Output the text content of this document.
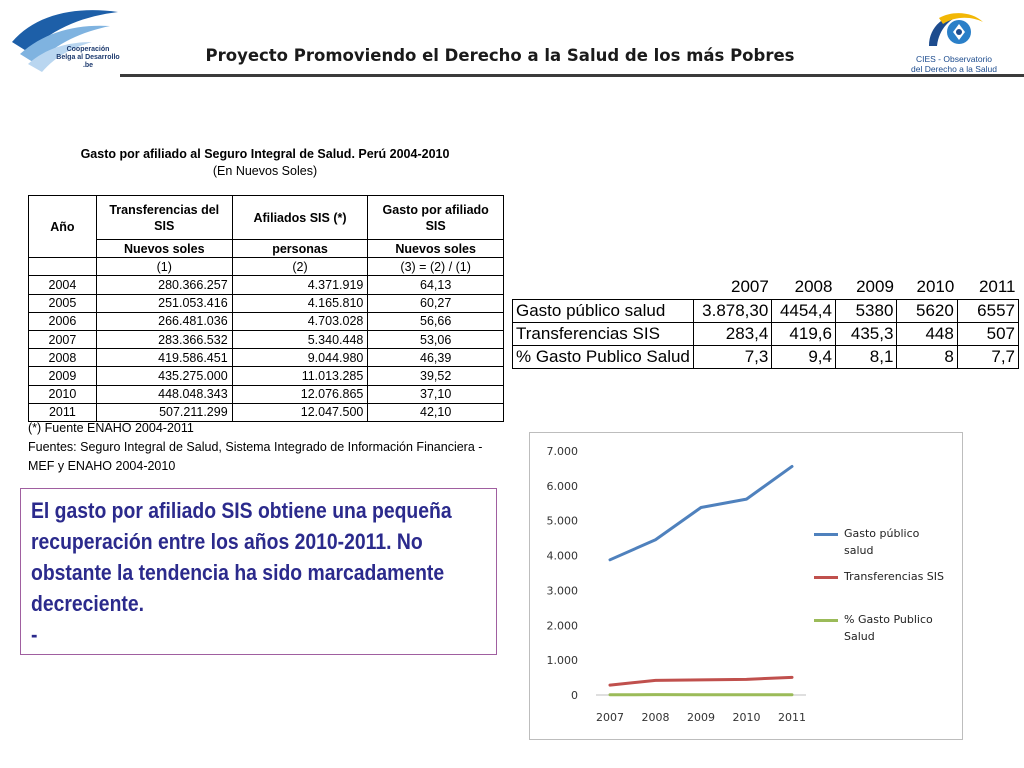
Cooperación
Belga al Desarrollo
.be
Proyecto Promoviendo el Derecho a la Salud de los más Pobres	CIES - Observatorio
del Derecho a la Salud
Gasto por afiliado al Seguro Integral de Salud. Perú 2004-2010
(En Nuevos Soles)
Año	Transferencias del SIS	Afiliados SIS (*)	Gasto por afiliado SIS
	Nuevos soles	personas	Nuevos soles
	(1)	(2)	(3) = (2) / (1)
2004	280.366.257	4.371.919	64,13
2005	251.053.416	4.165.810	60,27
2006	266.481.036	4.703.028	56,66
2007	283.366.532	5.340.448	53,06
2008	419.586.451	9.044.980	46,39
2009	435.275.000	11.013.285	39,52
2010	448.048.343	12.076.865	37,10
2011	507.211.299	12.047.500	42,10
(*) Fuente ENAHO 2004-2011
Fuentes: Seguro Integral de Salud, Sistema Integrado de Información Financiera - MEF y ENAHO 2004-2010

El gasto por afiliado SIS obtiene una pequeña recuperación entre los años 2010-2011. No obstante la tendencia ha sido marcadamente decreciente.

-

	2007	2008	2009	2010	2011
Gasto público salud	3.878,30	4454,4	5380	5620	6557
Transferencias SIS	283,4	419,6	435,3	448	507
% Gasto Publico Salud	7,3	9,4	8,1	8	7,7
0
1.000
2.000
3.000
4.000
5.000
6.000
7.000
2007 2008 2009 2010 2011
Gasto público salud
Transferencias SIS
% Gasto Publico Salud
